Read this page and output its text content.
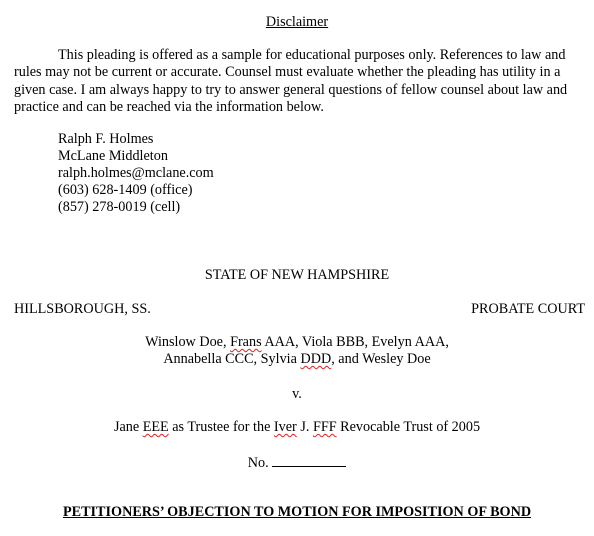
Disclaimer
This pleading is offered as a sample for educational purposes only. References to law and rules may not be current or accurate. Counsel must evaluate whether the pleading has utility in a given case. I am always happy to try to answer general questions of fellow counsel about law and practice and can be reached via the information below.
Ralph F. Holmes
McLane Middleton
ralph.holmes@mclane.com
(603) 628-1409 (office)
(857) 278-0019 (cell)
STATE OF NEW HAMPSHIRE
HILLSBOROUGH, SS.	PROBATE COURT
Winslow Doe, Frans AAA, Viola BBB, Evelyn AAA,
Annabella CCC, Sylvia DDD, and Wesley Doe
v.
Jane EEE as Trustee for the Iver J. FFF Revocable Trust of 2005
No.
PETITIONERS’ OBJECTION TO MOTION FOR IMPOSITION OF BOND
